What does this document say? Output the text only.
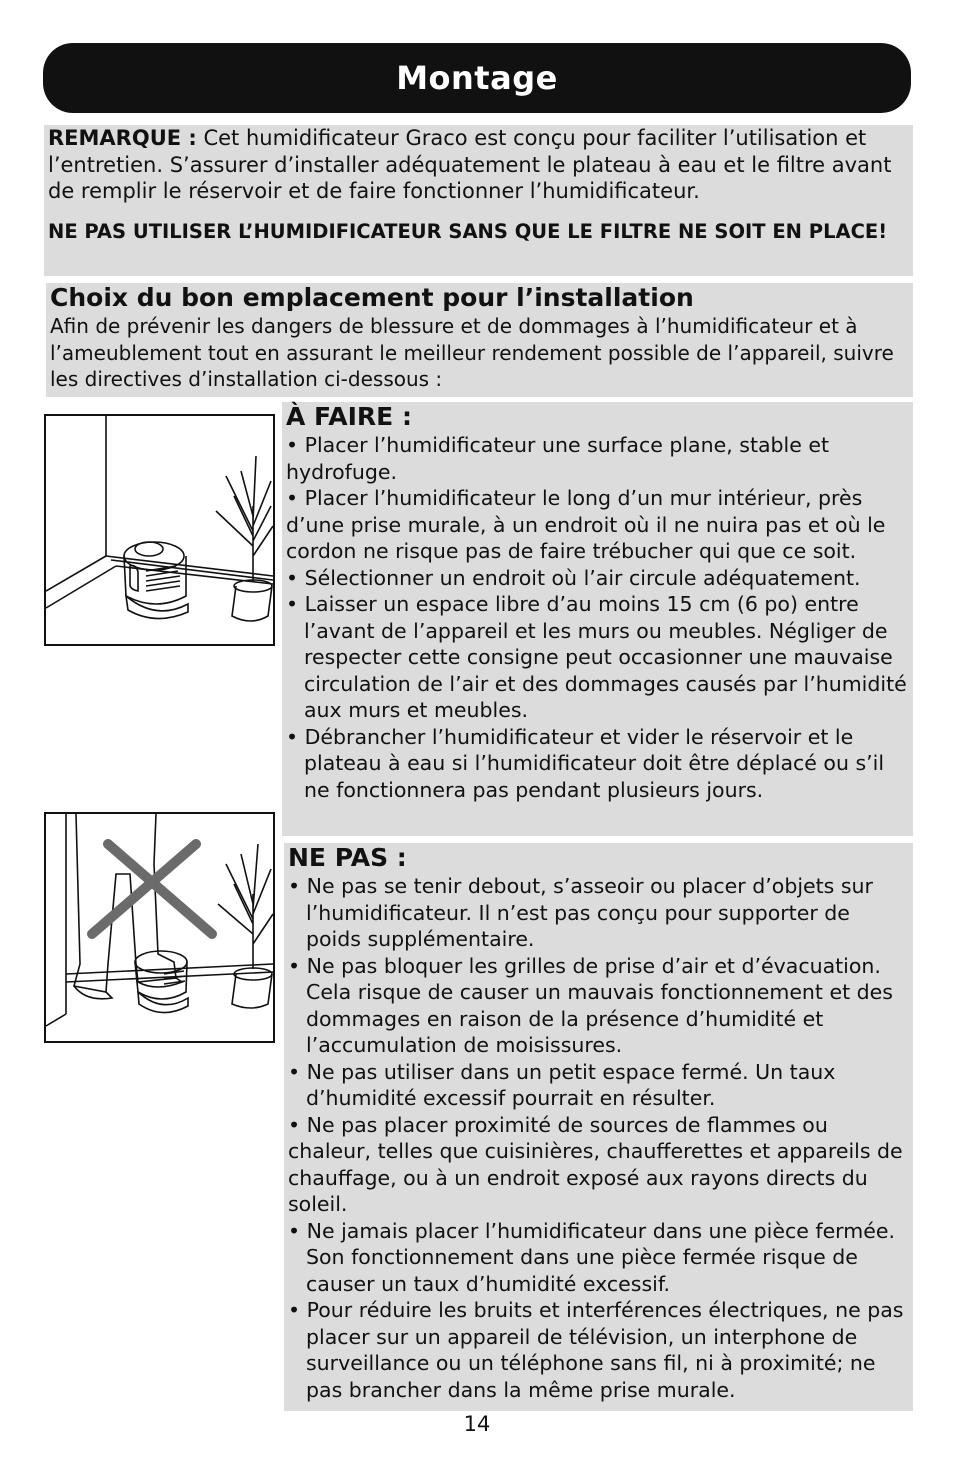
Montage

REMARQUE : Cet humidificateur Graco est conçu pour faciliter l’utilisation et l’entretien. S’assurer d’installer adéquatement le plateau à eau et le filtre avant de remplir le réservoir et de faire fonctionner l’humidificateur.

NE PAS UTILISER L’HUMIDIFICATEUR SANS QUE LE FILTRE NE SOIT EN PLACE!

Choix du bon emplacement pour l’installation

Afin de prévenir les dangers de blessure et de dommages à l’humidificateur et à l’ameublement tout en assurant le meilleur rendement possible de l’appareil, suivre les directives d’installation ci-dessous :

À FAIRE :
• Placer l’humidificateur une surface plane, stable et hydrofuge.
• Placer l’humidificateur le long d’un mur intérieur, près d’une prise murale, à un endroit où il ne nuira pas et où le cordon ne risque pas de faire trébucher qui que ce soit.
• Sélectionner un endroit où l’air circule adéquatement.
• Laisser un espace libre d’au moins 15 cm (6 po) entre l’avant de l’appareil et les murs ou meubles. Négliger de respecter cette consigne peut occasionner une mauvaise circulation de l’air et des dommages causés par l’humidité aux murs et meubles.
• Débrancher l’humidificateur et vider le réservoir et le plateau à eau si l’humidificateur doit être déplacé ou s’il ne fonctionnera pas pendant plusieurs jours.
NE PAS :
• Ne pas se tenir debout, s’asseoir ou placer d’objets sur l’humidificateur. Il n’est pas conçu pour supporter de poids supplémentaire.
• Ne pas bloquer les grilles de prise d’air et d’évacuation. Cela risque de causer un mauvais fonctionnement et des dommages en raison de la présence d’humidité et l’accumulation de moisissures.
• Ne pas utiliser dans un petit espace fermé. Un taux d’humidité excessif pourrait en résulter.
• Ne pas placer proximité de sources de flammes ou chaleur, telles que cuisinières, chaufferettes et appareils de chauffage, ou à un endroit exposé aux rayons directs du soleil.
• Ne jamais placer l’humidificateur dans une pièce fermée. Son fonctionnement dans une pièce fermée risque de causer un taux d’humidité excessif.
• Pour réduire les bruits et interférences électriques, ne pas placer sur un appareil de télévision, un interphone de surveillance ou un téléphone sans fil, ni à proximité; ne pas brancher dans la même prise murale.
14
